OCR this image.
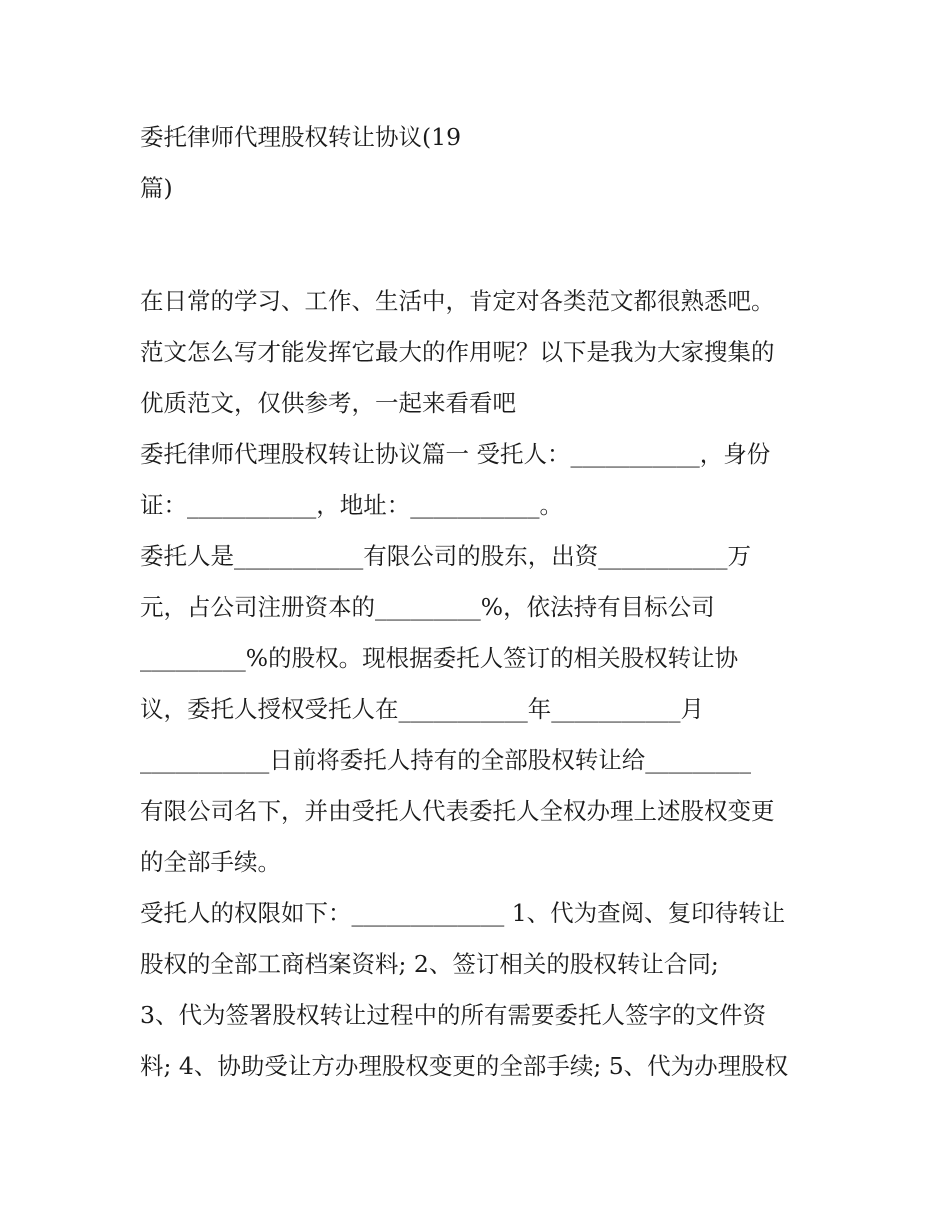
委托律师代理股权转让协议(19
篇)
在日常的学习、工作、生活中，肯定对各类范文都很熟悉吧。
范文怎么写才能发挥它最大的作用呢？以下是我为大家搜集的
优质范文，仅供参考，一起来看看吧
委托律师代理股权转让协议篇一 受托人：___________，身份
证：___________，地址：___________。
委托人是___________有限公司的股东，出资___________万
元，占公司注册资本的_________%，依法持有目标公司
_________%的股权。现根据委托人签订的相关股权转让协
议，委托人授权受托人在___________年___________月
___________日前将委托人持有的全部股权转让给_________
有限公司名下，并由受托人代表委托人全权办理上述股权变更
的全部手续。
受托人的权限如下：_____________ 1、代为查阅、复印待转让
股权的全部工商档案资料; 2、签订相关的股权转让合同;
3、代为签署股权转让过程中的所有需要委托人签字的文件资
料; 4、协助受让方办理股权变更的全部手续; 5、代为办理股权
